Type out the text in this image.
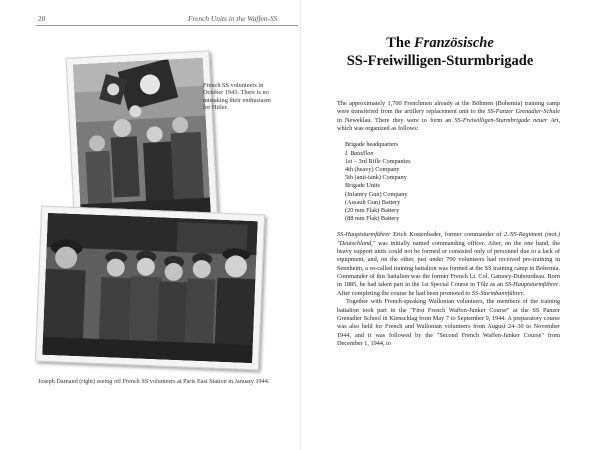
20	French Units in the Waffen-SS
French SS volunteers in October 1943. There is no mistaking their enthusiasm for Hitler.
Joseph Darnand (right) seeing off French SS volunteers at Paris East Station in January 1944.
The Französische
SS-Freiwilligen-Sturmbrigade

The approximately 1,700 Frenchmen already at the Böhmen (Bohemia) training camp were transferred from the artillery replacement unit to the SS-Panzer Grenadier-Schule in Neweklau. There they were to form an SS-Freiwilligen-Sturmbrigade neuer Art, which was organized as follows:

Brigade headquarters
I. Bataillon
1st – 3rd Rifle Companies
4th (heavy) Company
5th (anti-tank) Company
Brigade Units
(Infantry Gun) Company
(Assault Gun) Battery
(20 mm Flak) Battery
(88 mm Flak) Battery

SS-Hauptsturmführer Erich Kostenbader, former commander of 2./SS-Regiment (mot.) "Deutschland," was initially named commanding officer. After, on the one hand, the heavy support units could not be formed or consisted only of personnel due to a lack of equipment, and, on the other, just under 700 volunteers had received pre-training in Sennheim, a so-called training battalion was formed at the SS training camp in Bohemia. Commander of this battalion was the former French Lt. Col. Gamory-Dubourdeau. Born in 1885, he had taken part in the 1st Special Course in Tölz as an SS-Hauptsturmführer. After completing the course he had been promoted to SS-Sturmbannführer.

Together with French-speaking Wallonian volunteers, the members of the training battalion took part in the "First French Waffen-Junker Course" at the SS Panzer Grenadier School in Kienschlag from May 7 to September 9, 1944. A preparatory course was also held for French and Wallonian volunteers from August 24–30 to November 1944, and it was followed by the "Second French Waffen-Junker Course" from December 1, 1944, to
